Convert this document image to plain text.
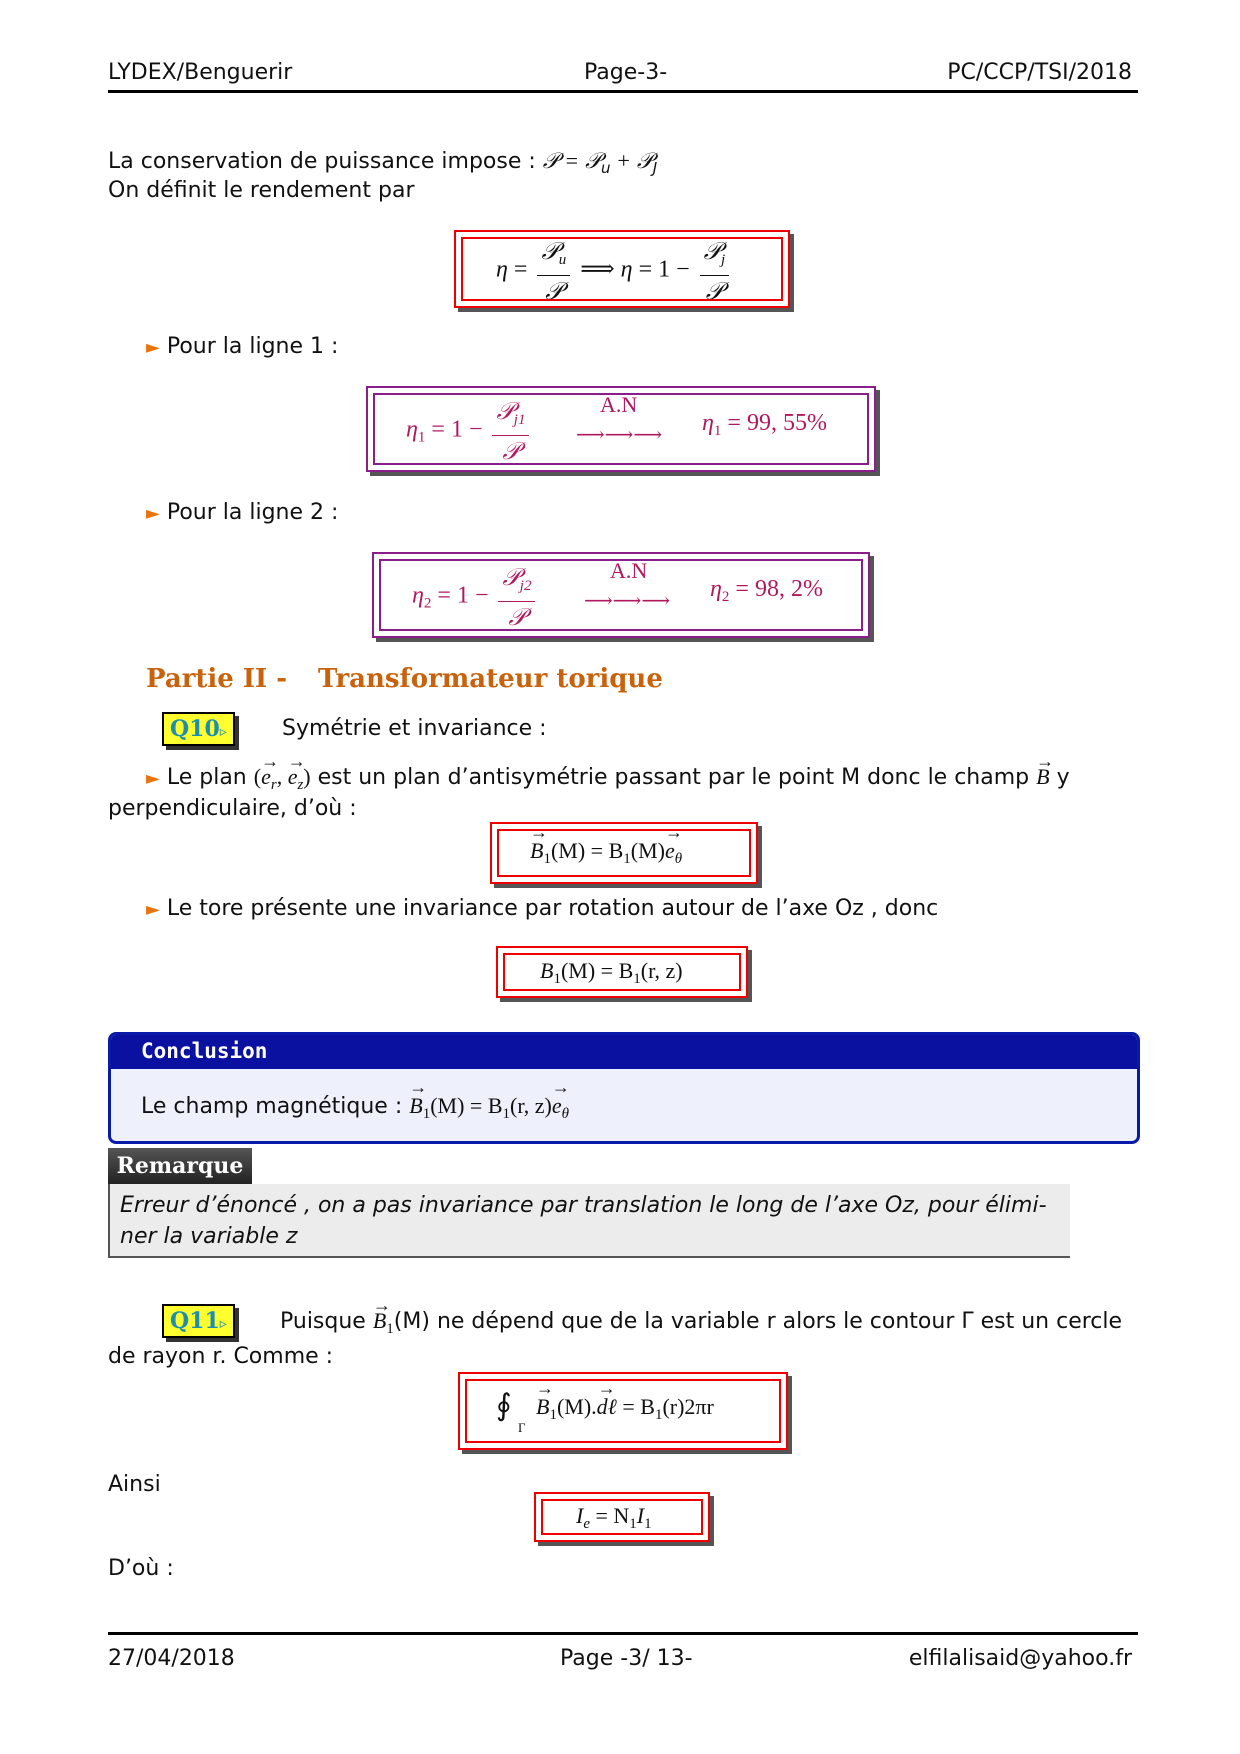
LYDEX/Benguerir	Page-3-	PC/CCP/TSI/2018
La conservation de puissance impose : 𝒫 = 𝒫$_u$ + 𝒫$_J$
On définit le rendement par
$\eta = \frac{𝒫_u}{\text{𝒫}}$ ⟹ $\eta = 1 - \frac{𝒫_j}{\text{𝒫}}$
► Pour la ligne 1 :
$\eta_1 = 1 - \frac{𝒫_{j1}}{\text{𝒫}}$	A.N
⟶⟶⟶ $\eta_1 = 99$, 55%
► Pour la ligne 2 :
$\eta_2 = 1 - \frac{𝒫_{j2}}{\text{𝒫}}$	A.N
⟶⟶⟶ $\eta_2 = 98$, 2%
Partie II - Transformateur torique
Q10▹	Symétrie et invariance :
► Le plan (→ $e_r$, → $e_z$) est un plan d’antisymétrie passant par le point M donc le champ → B y
perpendiculaire, d’où :
→ $B_1(M) = B_1(M)\to e_\theta$
► Le tore présente une invariance par rotation autour de l’axe Oz , donc
$B_1(M) = B_1(r$, z)
Conclusion
Le champ magnétique : → $B_1(M) = B_1(r$, $z)\to e_\theta$
Remarque
Erreur d’énoncé , on a pas invariance par translation le long de l’axe Oz, pour élimi-
ner la variable z
Q11▹	Puisque → $B_1(M)$ ne dépend que de la variable r alors le contour Γ est un cercle
de rayon r. Comme :
∮
Γ
→ $B_1(M).\to$ dℓ = $B_1(r)2\pi r$
Ainsi
$I_e = N_1I_1$
D’où :
27/04/2018	Page -3/ 13-	elfilalisaid@yahoo.fr
